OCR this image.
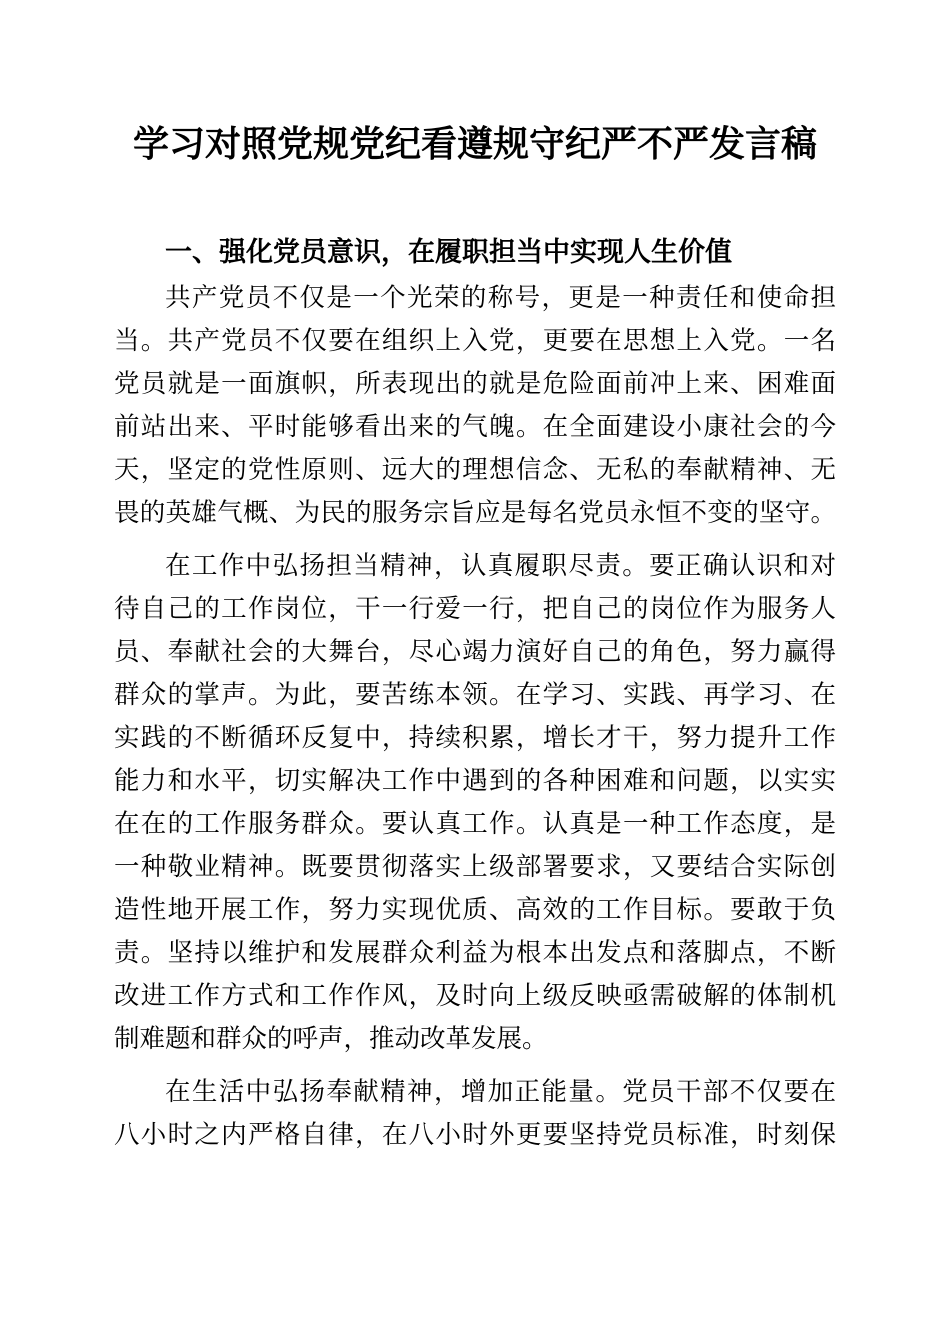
学习对照党规党纪看遵规守纪严不严发言稿
一、强化党员意识，在履职担当中实现人生价值
共产党员不仅是一个光荣的称号，更是一种责任和使命担
当。共产党员不仅要在组织上入党，更要在思想上入党。一名
党员就是一面旗帜，所表现出的就是危险面前冲上来、困难面
前站出来、平时能够看出来的气魄。在全面建设小康社会的今
天，坚定的党性原则、远大的理想信念、无私的奉献精神、无
畏的英雄气概、为民的服务宗旨应是每名党员永恒不变的坚守。
在工作中弘扬担当精神，认真履职尽责。要正确认识和对
待自己的工作岗位，干一行爱一行，把自己的岗位作为服务人
员、奉献社会的大舞台，尽心竭力演好自己的角色，努力赢得
群众的掌声。为此，要苦练本领。在学习、实践、再学习、在
实践的不断循环反复中，持续积累，增长才干，努力提升工作
能力和水平，切实解决工作中遇到的各种困难和问题，以实实
在在的工作服务群众。要认真工作。认真是一种工作态度，是
一种敬业精神。既要贯彻落实上级部署要求，又要结合实际创
造性地开展工作，努力实现优质、高效的工作目标。要敢于负
责。坚持以维护和发展群众利益为根本出发点和落脚点，不断
改进工作方式和工作作风，及时向上级反映亟需破解的体制机
制难题和群众的呼声，推动改革发展。
在生活中弘扬奉献精神，增加正能量。党员干部不仅要在
八小时之内严格自律，在八小时外更要坚持党员标准，时刻保
